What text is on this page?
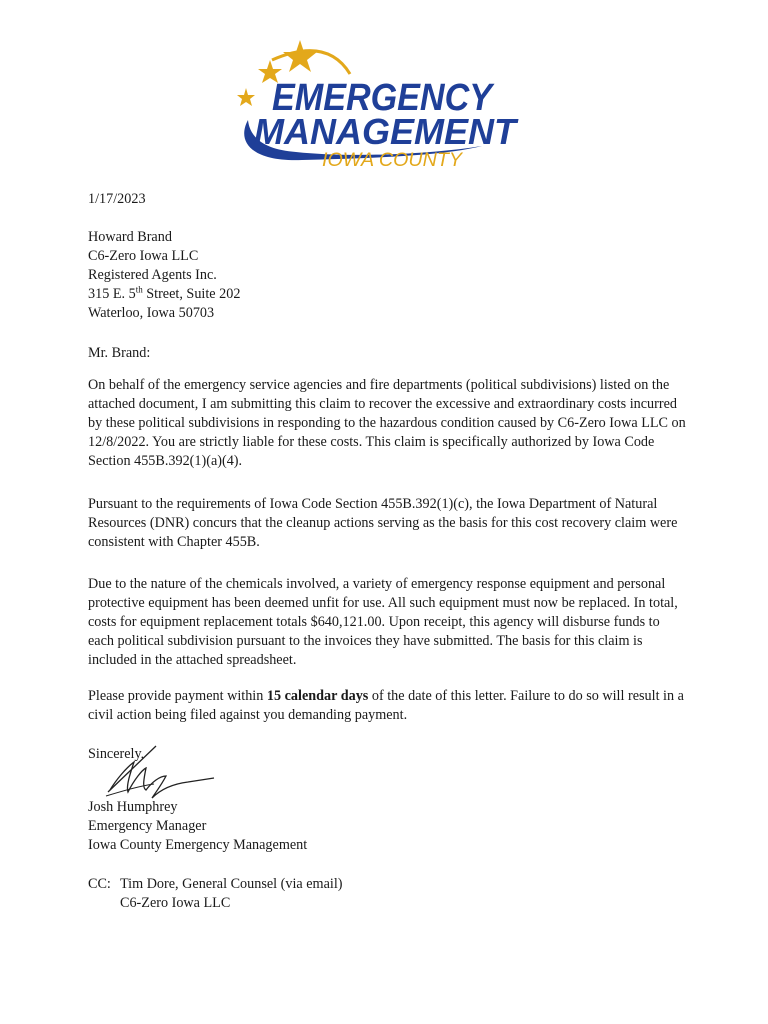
EMERGENCY
MANAGEMENT
IOWA COUNTY
1/17/2023
Howard Brand
C6-Zero Iowa LLC
Registered Agents Inc.
315 E. 5th Street, Suite 202
Waterloo, Iowa 50703
Mr. Brand:

On behalf of the emergency service agencies and fire departments (political subdivisions) listed on the attached document, I am submitting this claim to recover the excessive and extraordinary costs incurred by these political subdivisions in responding to the hazardous condition caused by C6-Zero Iowa LLC on 12/8/2022. You are strictly liable for these costs. This claim is specifically authorized by Iowa Code Section 455B.392(1)(a)(4).

Pursuant to the requirements of Iowa Code Section 455B.392(1)(c), the Iowa Department of Natural Resources (DNR) concurs that the cleanup actions serving as the basis for this cost recovery claim were consistent with Chapter 455B.

Due to the nature of the chemicals involved, a variety of emergency response equipment and personal protective equipment has been deemed unfit for use. All such equipment must now be replaced. In total, costs for equipment replacement totals $640,121.00. Upon receipt, this agency will disburse funds to each political subdivision pursuant to the invoices they have submitted. The basis for this claim is included in the attached spreadsheet.

Please provide payment within 15 calendar days of the date of this letter. Failure to do so will result in a civil action being filed against you demanding payment.

Sincerely,
Josh Humphrey
Emergency Manager
Iowa County Emergency Management
CC: Tim Dore, General Counsel (via email)
C6-Zero Iowa LLC
